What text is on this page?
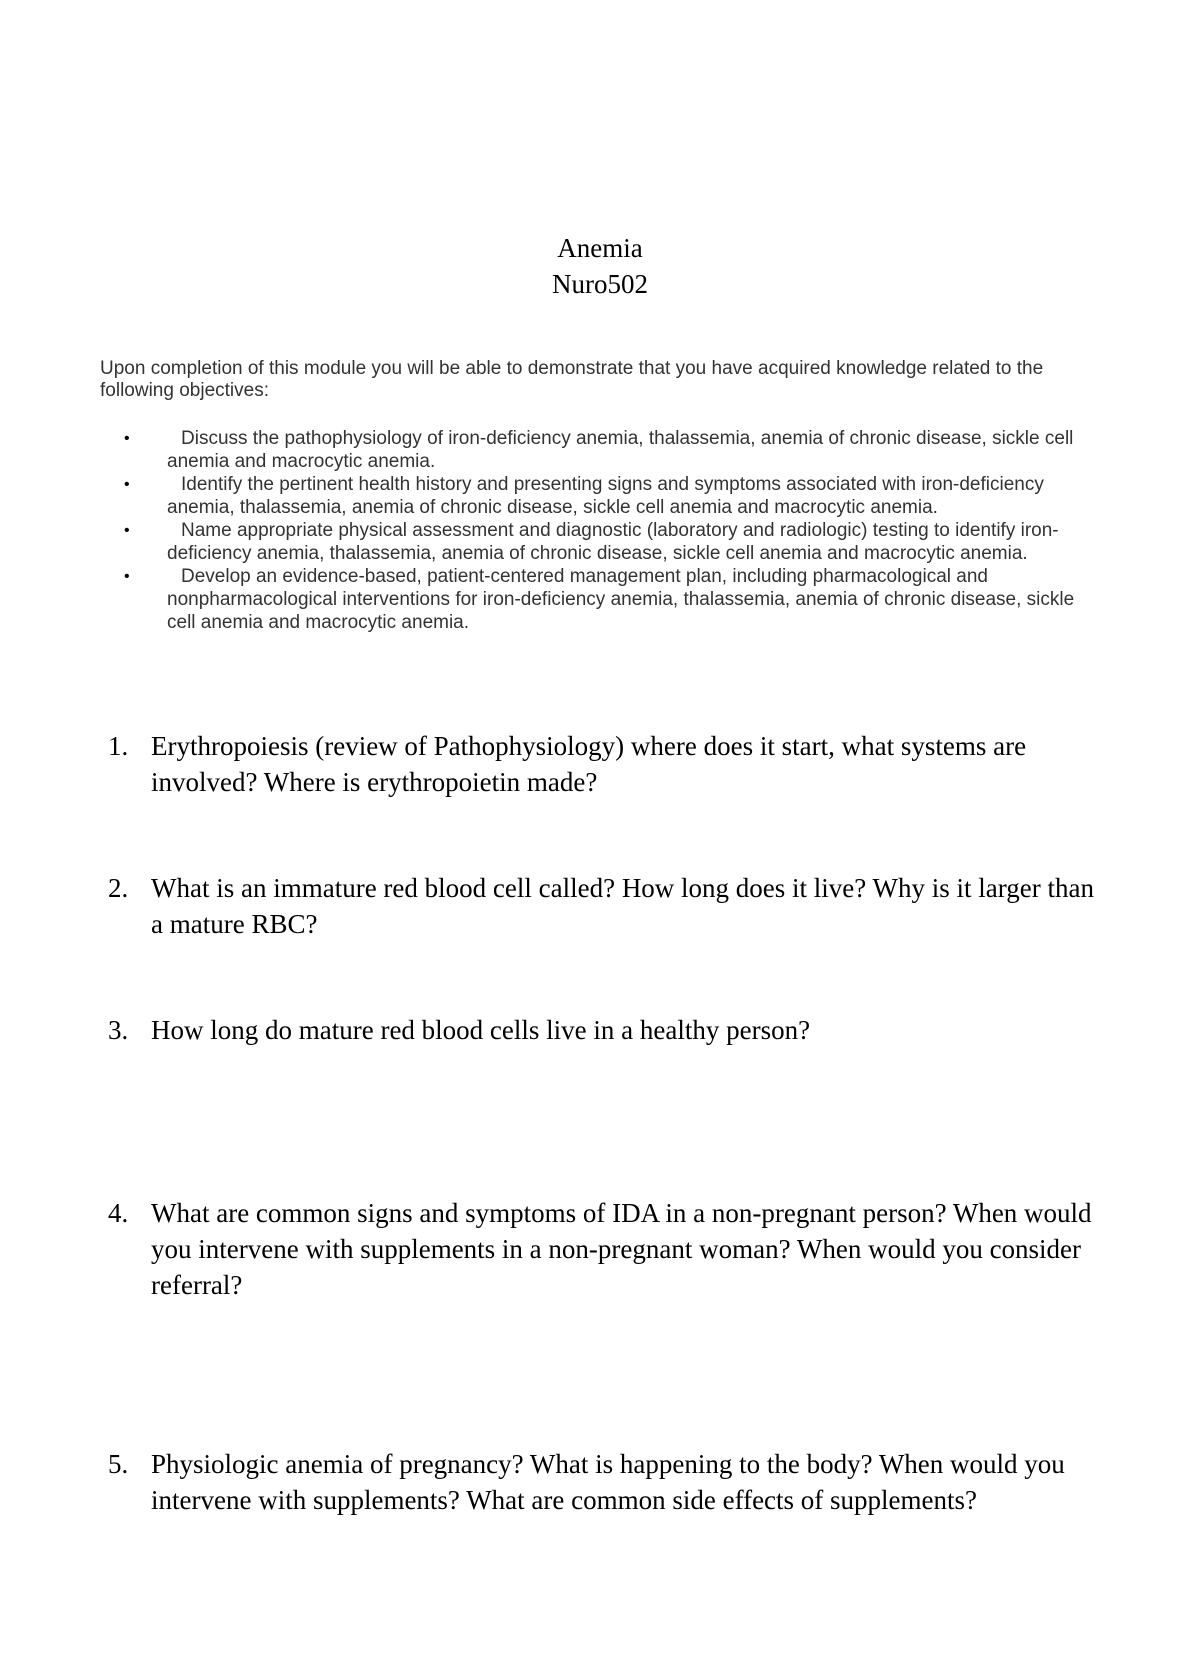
Anemia
Nuro502
Upon completion of this module you will be able to demonstrate that you have acquired knowledge related to the following objectives:
•	Discuss the pathophysiology of iron-deficiency anemia, thalassemia, anemia of chronic disease, sickle cell anemia and macrocytic anemia.
•	Identify the pertinent health history and presenting signs and symptoms associated with iron-deficiency anemia, thalassemia, anemia of chronic disease, sickle cell anemia and macrocytic anemia.
•	Name appropriate physical assessment and diagnostic (laboratory and radiologic) testing to identify iron-deficiency anemia, thalassemia, anemia of chronic disease, sickle cell anemia and macrocytic anemia.
•	Develop an evidence-based, patient-centered management plan, including pharmacological and nonpharmacological interventions for iron-deficiency anemia, thalassemia, anemia of chronic disease, sickle cell anemia and macrocytic anemia.
1. Erythropoiesis (review of Pathophysiology) where does it start, what systems are involved? Where is erythropoietin made?
2. What is an immature red blood cell called? How long does it live? Why is it larger than a mature RBC?
3. How long do mature red blood cells live in a healthy person?
4. What are common signs and symptoms of IDA in a non-pregnant person? When would you intervene with supplements in a non-pregnant woman? When would you consider referral?
5. Physiologic anemia of pregnancy? What is happening to the body? When would you intervene with supplements? What are common side effects of supplements?
